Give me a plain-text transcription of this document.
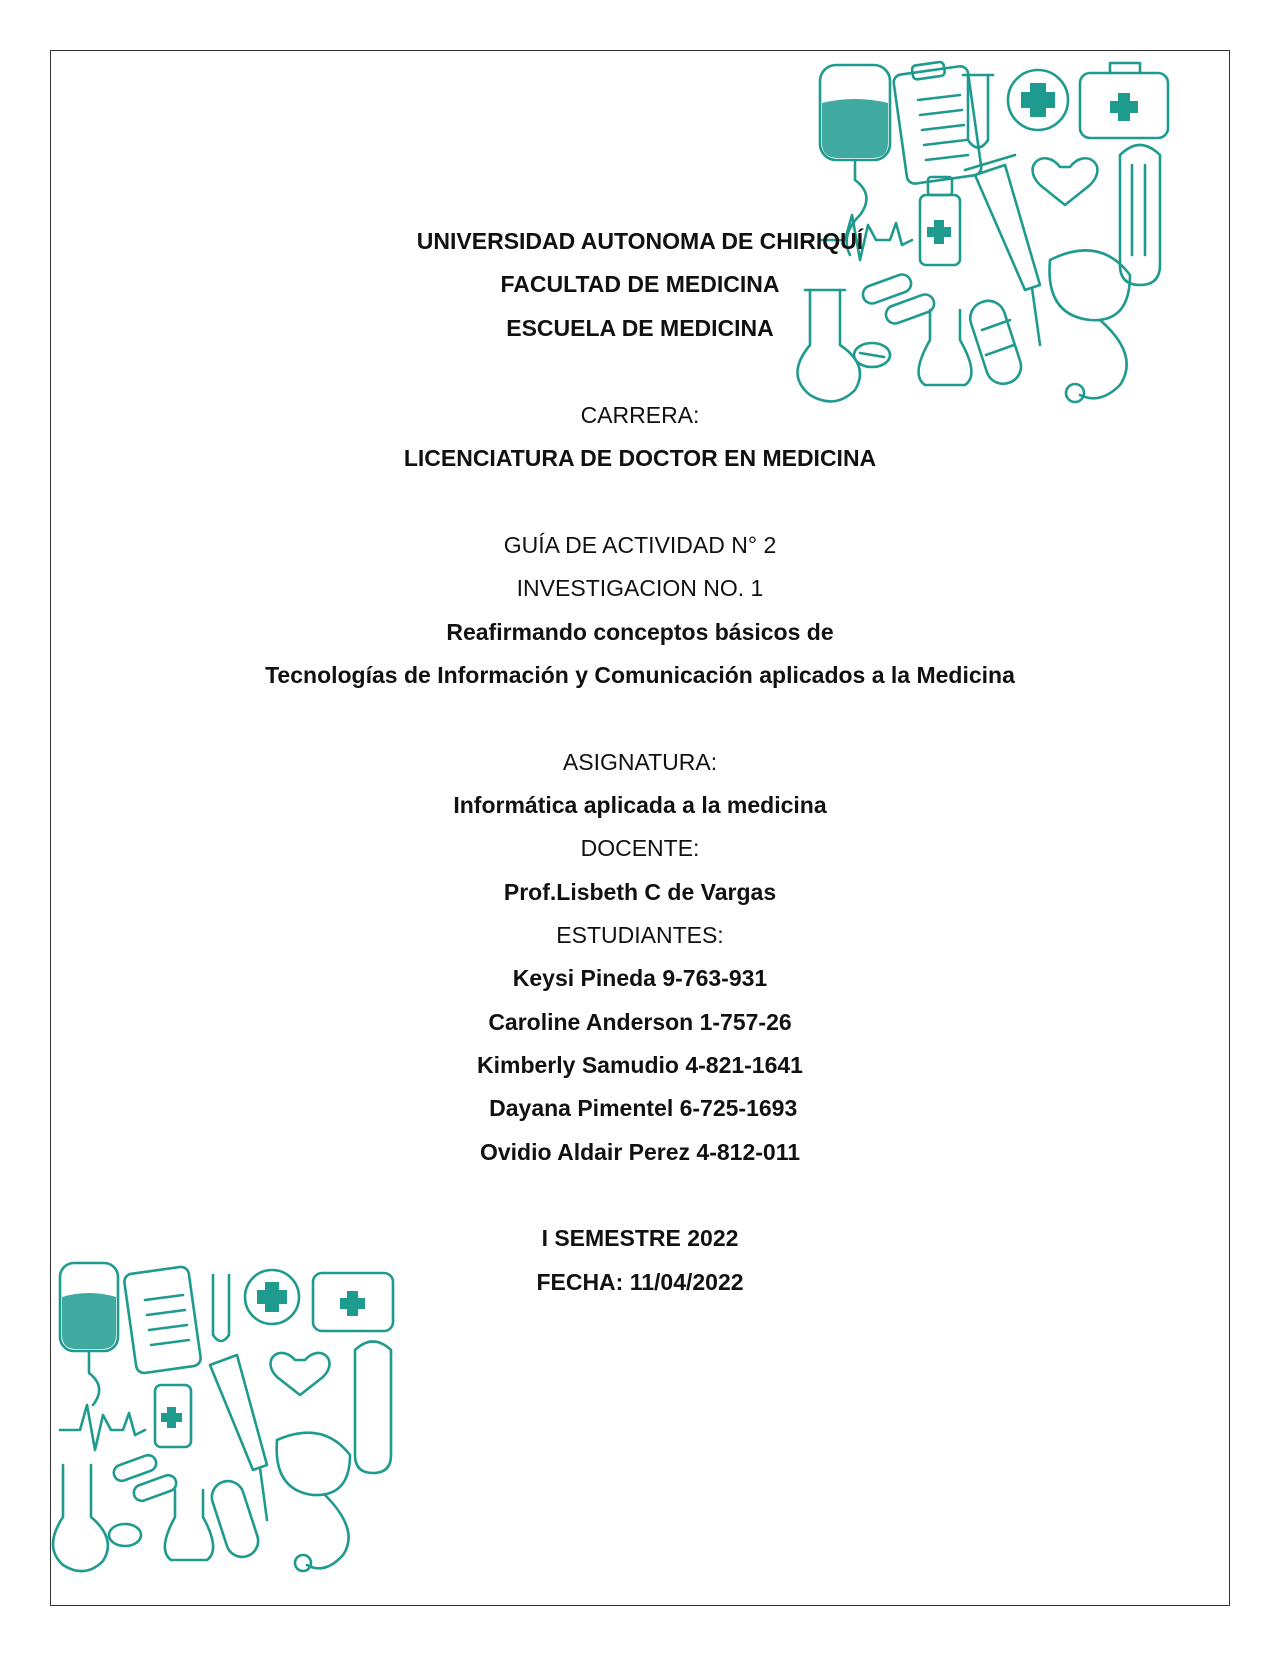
UNIVERSIDAD AUTONOMA DE CHIRIQUÍ
FACULTAD DE MEDICINA
ESCUELA DE MEDICINA
CARRERA:
LICENCIATURA DE DOCTOR EN MEDICINA
GUÍA DE ACTIVIDAD N° 2
INVESTIGACION NO. 1
Reafirmando conceptos básicos de
Tecnologías de Información y Comunicación aplicados a la Medicina
ASIGNATURA:
Informática aplicada a la medicina
DOCENTE:
Prof.Lisbeth C de Vargas
ESTUDIANTES:
Keysi Pineda 9-763-931
Caroline Anderson 1-757-26
Kimberly Samudio 4-821-1641
Dayana Pimentel 6-725-1693
Ovidio Aldair Perez 4-812-011
I SEMESTRE 2022
FECHA: 11/04/2022
